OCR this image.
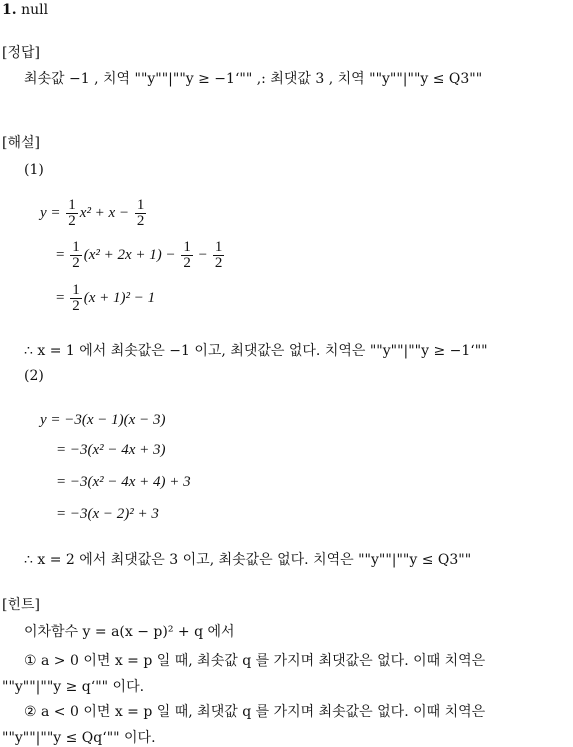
1. null
[정답]
최솟값 −1 , 치역 ""y""|""y ≥ −1‘"" ,: 최댓값 3 , 치역 ""y""|""y ≤ Q3""
[해설]
(1)
$y = \frac{1}{2} x^2 + x - \frac{1}{2}$
= $\frac{1}{2} (x^2 + 2x + 1) - \frac{1}{2} - \frac{1}{2}$
= $\frac{1}{2} (x + 1)^2 - 1$
∴ x = 1 에서 최솟값은 −1 이고, 최댓값은 없다. 치역은 ""y""|""y ≥ −1‘""
(2)
y = −3(x − 1)(x − 3)
= −3(x² − 4x + 3)
= −3(x² − 4x + 4) + 3
= −3(x − 2)² + 3
∴ x = 2 에서 최댓값은 3 이고, 최솟값은 없다. 치역은 ""y""|""y ≤ Q3""
[힌트]
이차함수 y = a(x − p)² + q 에서
① a > 0 이면 x = p 일 때, 최솟값 q 를 가지며 최댓값은 없다. 이때 치역은
""y""|""y ≥ q‘"" 이다.
② a < 0 이면 x = p 일 때, 최댓값 q 를 가지며 최솟값은 없다. 이때 치역은
""y""|""y ≤ Qq‘"" 이다.
